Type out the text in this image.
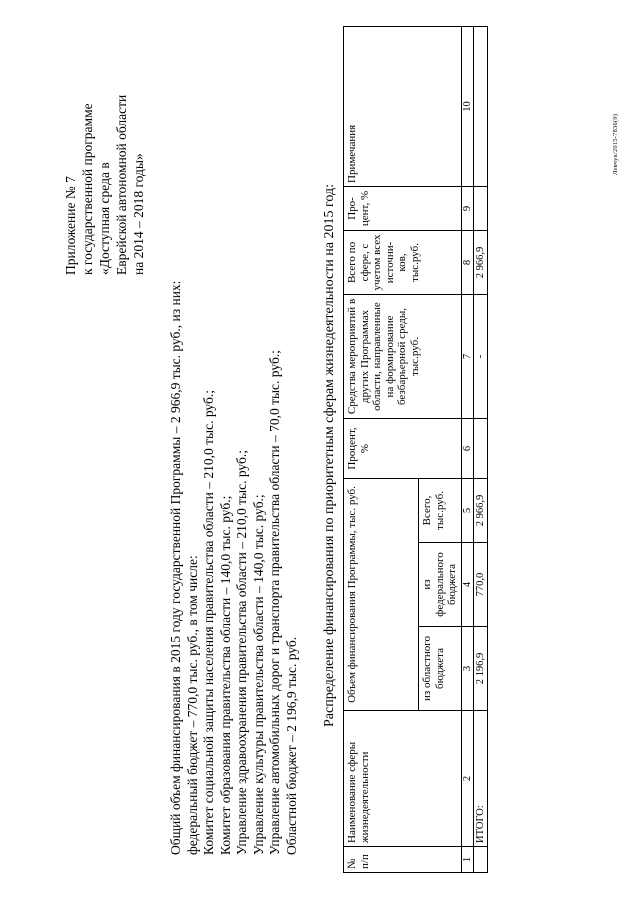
Приложение № 7 к государственной программе «Доступная среда в Еврейской автономной области на 2014 – 2018 годы»
Общий объем финансирования в 2015 году государственной Программы – 2 966,9 тыс. руб., из них: федеральный бюджет – 770,0 тыс. руб., в том числе: Комитет социальной защиты населения правительства области – 210,0 тыс. руб.; Комитет образования правительства области – 140,0 тыс. руб.; Управление здравоохранения правительства области – 210,0 тыс. руб.; Управление культуры правительства области – 140,0 тыс. руб.; Управление автомобильных дорог и транспорта правительства области – 70,0 тыс. руб.; Областной бюджет – 2 196,9 тыс. руб.
Распределение финансирования по приоритетным сферам жизнедеятельности на 2015 год:
№ п/п	Наименование сферы жизнедеятельности	Объем финансирования Программы, тыс. руб.			Процент, %	Средства мероприятий в других Программах области, направленные на формирование безбарьерной среды, тыс.руб.	Всего по сфере, с учетом всех источни-ков, тыс.руб.	Про-цент, %	Примечания
		из областного бюджета	из федерального бюджета	Всего, тыс.руб.					
1	2	3	4	5	6	7	8	9	10
	ИТОГО:	2 196,9	770,0	2 966,9		-	2 966,9		
Левчук/2015-7836(9)
